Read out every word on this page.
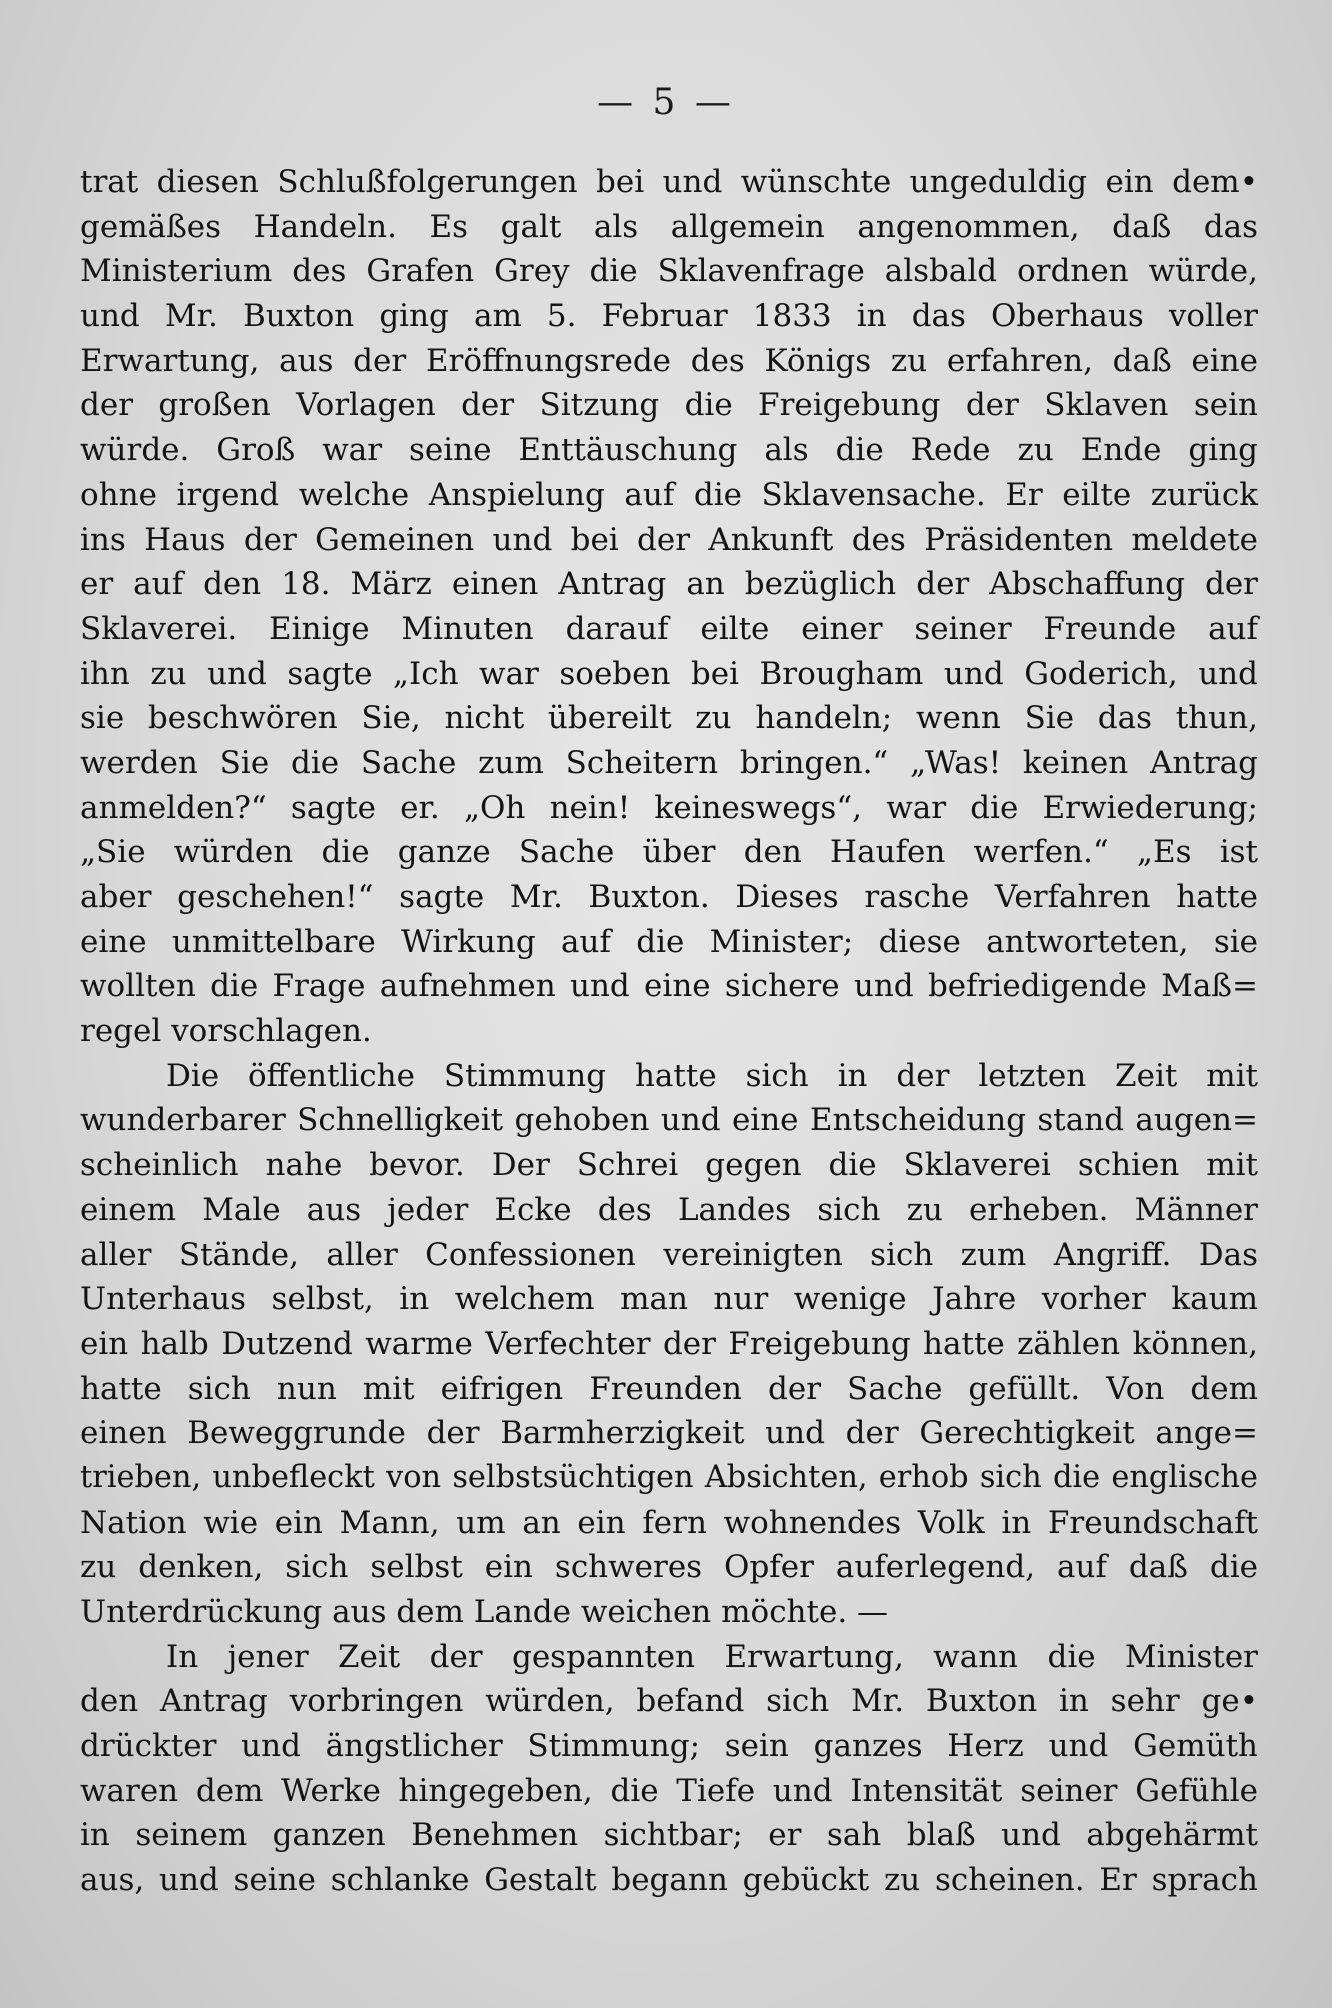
— 5 —
trat diesen Schlußfolgerungen bei und wünschte ungeduldig ein dem•
gemäßes Handeln. Es galt als allgemein angenommen, daß das
Ministerium des Grafen Grey die Sklavenfrage alsbald ordnen würde,
und Mr. Buxton ging am 5. Februar 1833 in das Oberhaus voller
Erwartung, aus der Eröffnungsrede des Königs zu erfahren, daß eine
der großen Vorlagen der Sitzung die Freigebung der Sklaven sein
würde. Groß war seine Enttäuschung als die Rede zu Ende ging
ohne irgend welche Anspielung auf die Sklavensache. Er eilte zurück
ins Haus der Gemeinen und bei der Ankunft des Präsidenten meldete
er auf den 18. März einen Antrag an bezüglich der Abschaffung der
Sklaverei. Einige Minuten darauf eilte einer seiner Freunde auf
ihn zu und sagte „Ich war soeben bei Brougham und Goderich, und
sie beschwören Sie, nicht übereilt zu handeln; wenn Sie das thun,
werden Sie die Sache zum Scheitern bringen.“ „Was! keinen Antrag
anmelden?“ sagte er. „Oh nein! keineswegs“, war die Erwiederung;
„Sie würden die ganze Sache über den Haufen werfen.“ „Es ist
aber geschehen!“ sagte Mr. Buxton. Dieses rasche Verfahren hatte
eine unmittelbare Wirkung auf die Minister; diese antworteten, sie
wollten die Frage aufnehmen und eine sichere und befriedigende Maß=
regel vorschlagen.
Die öffentliche Stimmung hatte sich in der letzten Zeit mit
wunderbarer Schnelligkeit gehoben und eine Entscheidung stand augen=
scheinlich nahe bevor. Der Schrei gegen die Sklaverei schien mit
einem Male aus jeder Ecke des Landes sich zu erheben. Männer
aller Stände, aller Confessionen vereinigten sich zum Angriff. Das
Unterhaus selbst, in welchem man nur wenige Jahre vorher kaum
ein halb Dutzend warme Verfechter der Freigebung hatte zählen können,
hatte sich nun mit eifrigen Freunden der Sache gefüllt. Von dem
einen Beweggrunde der Barmherzigkeit und der Gerechtigkeit ange=
trieben, unbefleckt von selbstsüchtigen Absichten, erhob sich die englische
Nation wie ein Mann, um an ein fern wohnendes Volk in Freundschaft
zu denken, sich selbst ein schweres Opfer auferlegend, auf daß die
Unterdrückung aus dem Lande weichen möchte. —
In jener Zeit der gespannten Erwartung, wann die Minister
den Antrag vorbringen würden, befand sich Mr. Buxton in sehr ge•
drückter und ängstlicher Stimmung; sein ganzes Herz und Gemüth
waren dem Werke hingegeben, die Tiefe und Intensität seiner Gefühle
in seinem ganzen Benehmen sichtbar; er sah blaß und abgehärmt
aus, und seine schlanke Gestalt begann gebückt zu scheinen. Er sprach
